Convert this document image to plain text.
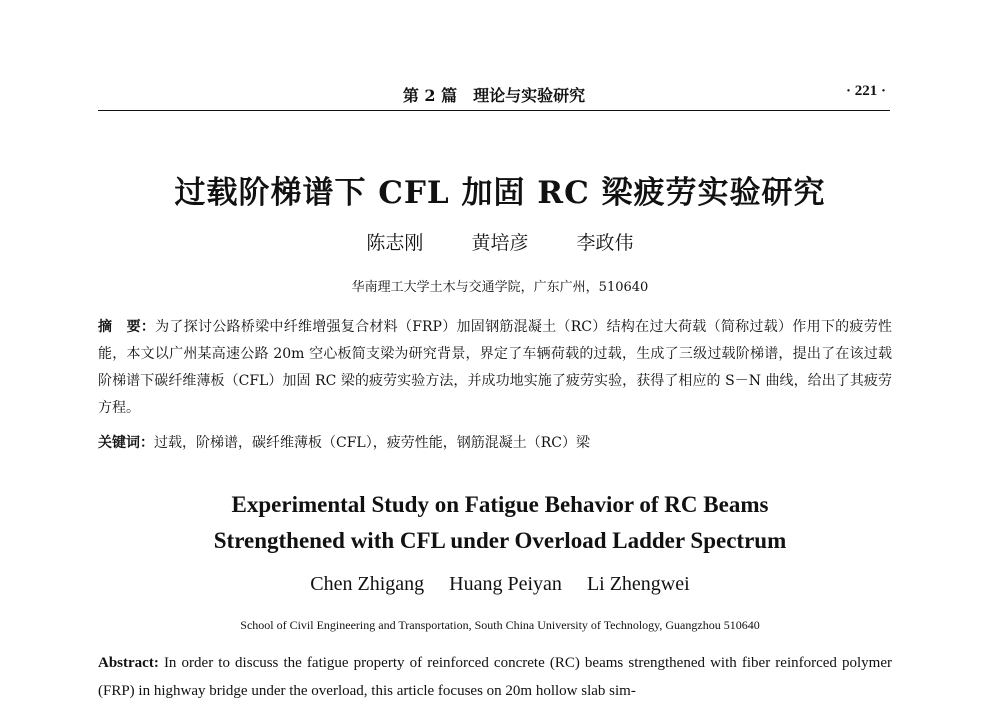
第 2 篇　理论与实验研究	· 221 ·
过载阶梯谱下 CFL 加固 RC 梁疲劳实验研究
陈志刚	黄培彦	李政伟
华南理工大学土木与交通学院，广东广州，510640
摘　要：为了探讨公路桥梁中纤维增强复合材料（FRP）加固钢筋混凝土（RC）结构在过大荷载（简称过载）作用下的疲劳性能，本文以广州某高速公路 20m 空心板简支梁为研究背景，界定了车辆荷载的过载，生成了三级过载阶梯谱，提出了在该过载阶梯谱下碳纤维薄板（CFL）加固 RC 梁的疲劳实验方法，并成功地实施了疲劳实验，获得了相应的 S－N 曲线，给出了其疲劳方程。
关键词：过载，阶梯谱，碳纤维薄板（CFL），疲劳性能，钢筋混凝土（RC）梁
Experimental Study on Fatigue Behavior of RC Beams
Strengthened with CFL under Overload Ladder Spectrum
Chen Zhigang Huang Peiyan Li Zhengwei
School of Civil Engineering and Transportation, South China University of Technology, Guangzhou 510640
Abstract: In order to discuss the fatigue property of reinforced concrete (RC) beams strengthened with fiber reinforced polymer (FRP) in highway bridge under the overload, this article focuses on 20m hollow slab sim-
